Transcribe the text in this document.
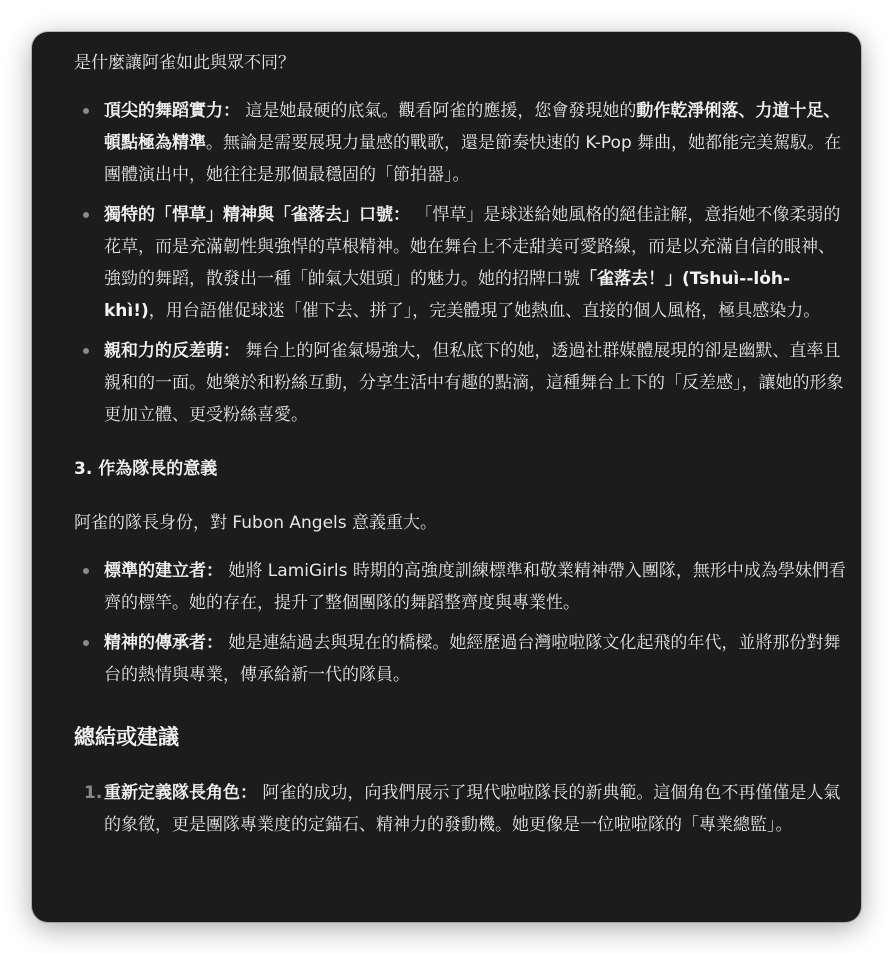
是什麼讓阿雀如此與眾不同？

頂尖的舞蹈實力： 這是她最硬的底氣。觀看阿雀的應援，您會發現她的動作乾淨俐落、力道十足、頓點極為精準。無論是需要展現力量感的戰歌，還是節奏快速的 K-Pop 舞曲，她都能完美駕馭。在團體演出中，她往往是那個最穩固的「節拍器」。
獨特的「悍草」精神與「雀落去」口號： 「悍草」是球迷給她風格的絕佳註解，意指她不像柔弱的花草，而是充滿韌性與強悍的草根精神。她在舞台上不走甜美可愛路線，而是以充滿自信的眼神、強勁的舞蹈，散發出一種「帥氣大姐頭」的魅力。她的招牌口號「雀落去！」(Tshuì--lo̍h-khì!)，用台語催促球迷「催下去、拼了」，完美體現了她熱血、直接的個人風格，極具感染力。
親和力的反差萌： 舞台上的阿雀氣場強大，但私底下的她，透過社群媒體展現的卻是幽默、直率且親和的一面。她樂於和粉絲互動，分享生活中有趣的點滴，這種舞台上下的「反差感」，讓她的形象更加立體、更受粉絲喜愛。
3. 作為隊長的意義

阿雀的隊長身份，對 Fubon Angels 意義重大。

標準的建立者： 她將 LamiGirls 時期的高強度訓練標準和敬業精神帶入團隊，無形中成為學妹們看齊的標竿。她的存在，提升了整個團隊的舞蹈整齊度與專業性。
精神的傳承者： 她是連結過去與現在的橋樑。她經歷過台灣啦啦隊文化起飛的年代，並將那份對舞台的熱情與專業，傳承給新一代的隊員。
總結或建議
1. 重新定義隊長角色： 阿雀的成功，向我們展示了現代啦啦隊長的新典範。這個角色不再僅僅是人氣的象徵，更是團隊專業度的定錨石、精神力的發動機。她更像是一位啦啦隊的「專業總監」。
